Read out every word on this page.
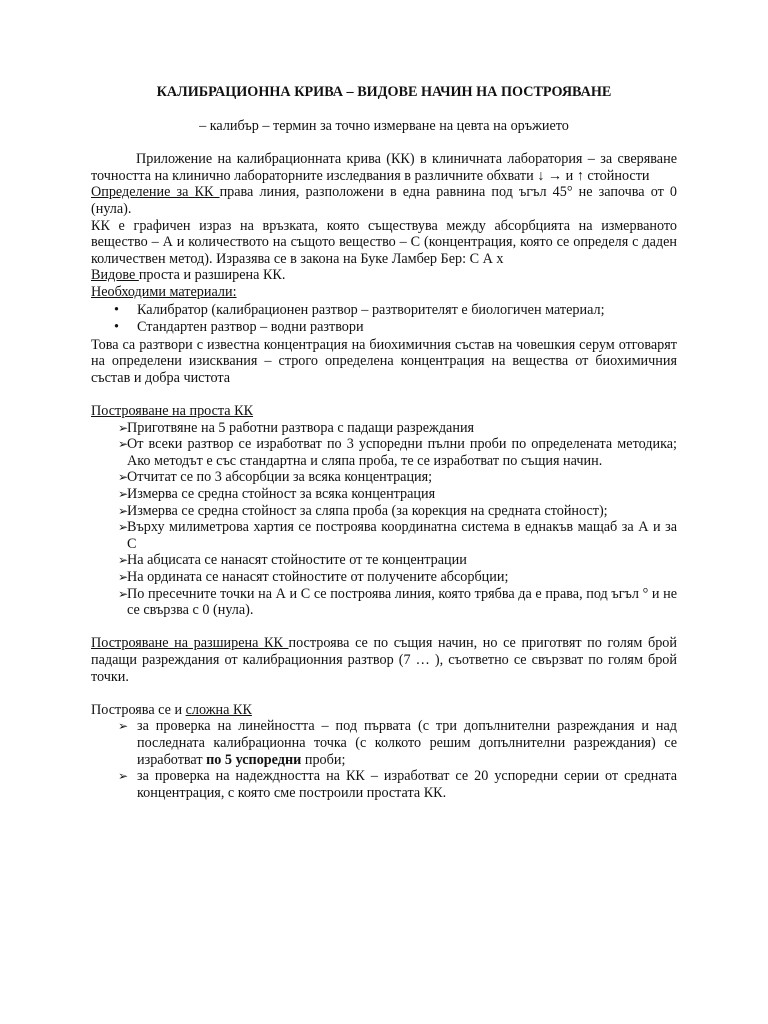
КАЛИБРАЦИОННА КРИВА – ВИДОВЕ НАЧИН НА ПОСТРОЯВАНЕ

– калибър – термин за точно измерване на цевта на оръжието

Приложение на калибрационната крива (КК) в клиничната лаборатория – за сверяване точността на клинично лабораторните изследвания в различните обхвати ↓ → и ↑ стойности

Определение за КК права линия, разположени в една равнина под ъгъл 45° не започва от 0 (нула).

КК е графичен израз на връзката, която съществува между абсорбцията на измерваното вещество – А и количеството на същото вещество – С (концентрация, която се определя с даден количествен метод). Изразява се в закона на Буке Ламбер Бер: С А х

Видове проста и разширена КК.

Необходими материали:

• Калибратор (калибрационен разтвор – разтворителят е биологичен материал;
• Стандартен разтвор – водни разтвори

Това са разтвори с известна концентрация на биохимичния състав на човешкия серум отговарят на определени изисквания – строго определена концентрация на вещества от биохимичния състав и добра чистота

Построяване на проста КК

➢
Приготвяне на 5 работни разтвора с падащи разреждания
➢
От всеки разтвор се изработват по 3 успоредни пълни проби по определената методика; Ако методът е със стандартна и сляпа проба, те се изработват по същия начин.
➢
Отчитат се по 3 абсорбции за всяка концентрация;
➢
Измерва се средна стойност за всяка концентрация
➢
Измерва се средна стойност за сляпа проба (за корекция на средната стойност);
➢
Върху милиметрова хартия се построява координатна система в еднакъв мащаб за А и за С
➢
На абцисата се нанасят стойностите от те концентрации
➢
На ордината се нанасят стойностите от получените абсорбции;
➢
По пресечните точки на А и С се построява линия, която трябва да е права, под ъгъл ° и не се свързва с 0 (нула).

Построяване на разширена КК построява се по същия начин, но се приготвят по голям брой падащи разреждания от калибрационния разтвор (7 … ), съответно се свързват по голям брой точки.

Построява се и сложна КК

➢ за проверка на линейността – под първата (с три допълнителни разреждания и над последната калибрационна точка (с колкото решим допълнителни разреждания) се изработват по 5 успоредни проби;
➢ за проверка на надеждността на КК – изработват се 20 успоредни серии от средната концентрация, с която сме построили простата КК.
